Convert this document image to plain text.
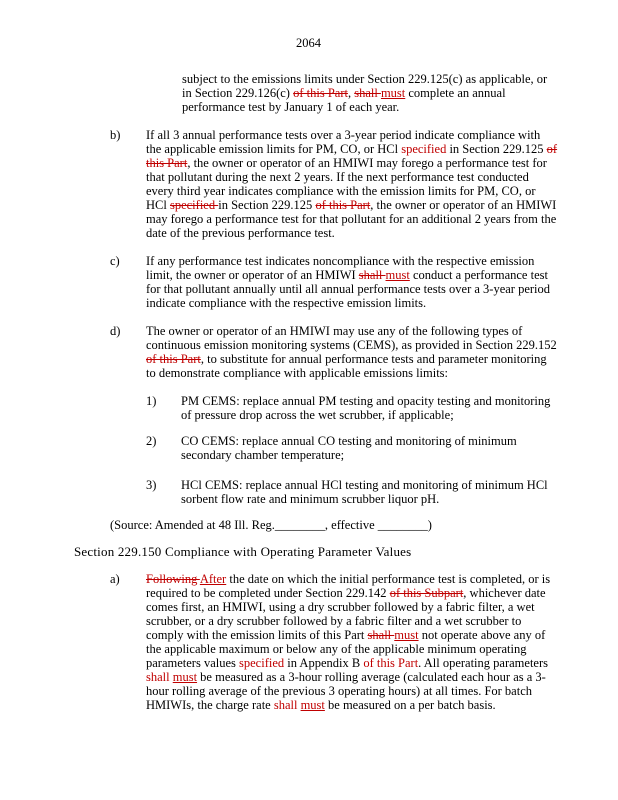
2064
subject to the emissions limits under Section 229.125(c) as applicable, or
in Section 229.126(c) of this Part, shall must complete an annual
performance test by January 1 of each year.
b) If all 3 annual performance tests over a 3-year period indicate compliance with
the applicable emission limits for PM, CO, or HCl specified in Section 229.125 of
this Part, the owner or operator of an HMIWI may forego a performance test for
that pollutant during the next 2 years. If the next performance test conducted
every third year indicates compliance with the emission limits for PM, CO, or
HCl specified in Section 229.125 of this Part, the owner or operator of an HMIWI
may forego a performance test for that pollutant for an additional 2 years from the
date of the previous performance test.
c) If any performance test indicates noncompliance with the respective emission
limit, the owner or operator of an HMIWI shall must conduct a performance test
for that pollutant annually until all annual performance tests over a 3-year period
indicate compliance with the respective emission limits.
d) The owner or operator of an HMIWI may use any of the following types of
continuous emission monitoring systems (CEMS), as provided in Section 229.152
of this Part, to substitute for annual performance tests and parameter monitoring
to demonstrate compliance with applicable emissions limits:
1) PM CEMS: replace annual PM testing and opacity testing and monitoring
of pressure drop across the wet scrubber, if applicable;
2) CO CEMS: replace annual CO testing and monitoring of minimum
secondary chamber temperature;
3) HCl CEMS: replace annual HCl testing and monitoring of minimum HCl
sorbent flow rate and minimum scrubber liquor pH.
(Source: Amended at 48 Ill. Reg.________, effective ________)
Section 229.150 Compliance with Operating Parameter Values
a) Following After the date on which the initial performance test is completed, or is
required to be completed under Section 229.142 of this Subpart, whichever date
comes first, an HMIWI, using a dry scrubber followed by a fabric filter, a wet
scrubber, or a dry scrubber followed by a fabric filter and a wet scrubber to
comply with the emission limits of this Part shall must not operate above any of
the applicable maximum or below any of the applicable minimum operating
parameters values specified in Appendix B of this Part. All operating parameters
shall must be measured as a 3-hour rolling average (calculated each hour as a 3-
hour rolling average of the previous 3 operating hours) at all times. For batch
HMIWIs, the charge rate shall must be measured on a per batch basis.
